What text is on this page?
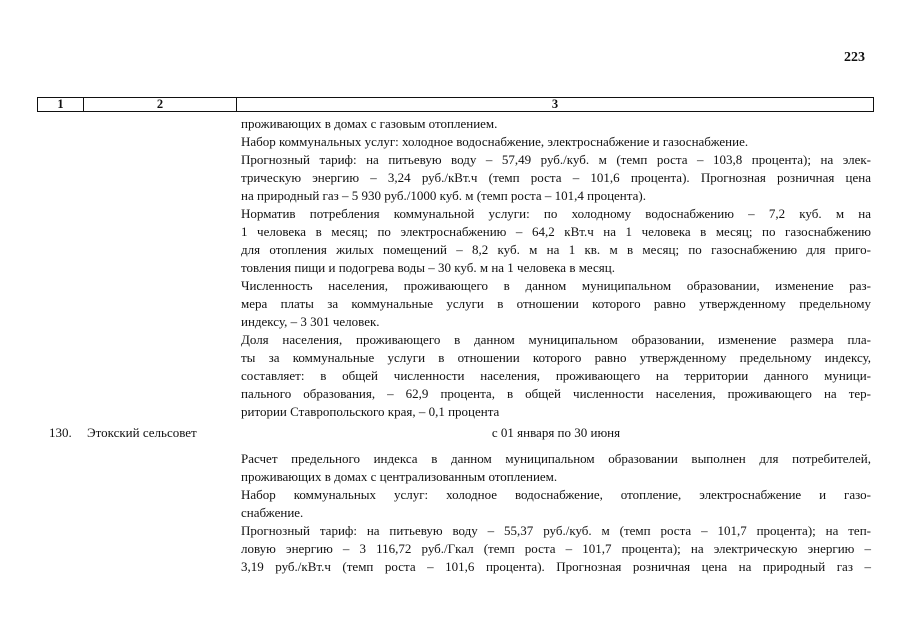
223
1	2	3
проживающих в домах с газовым отоплением.
Набор коммунальных услуг: холодное водоснабжение, электроснабжение и газоснабжение.
Прогнозный тариф: на питьевую воду – 57,49 руб./куб. м (темп роста – 103,8 процента); на элек-
трическую энергию – 3,24 руб./кВт.ч (темп роста – 101,6 процента). Прогнозная розничная цена
на природный газ – 5 930 руб./1000 куб. м (темп роста – 101,4 процента).
Норматив потребления коммунальной услуги: по холодному водоснабжению – 7,2 куб. м на
1 человека в месяц; по электроснабжению – 64,2 кВт.ч на 1 человека в месяц; по газоснабжению
для отопления жилых помещений – 8,2 куб. м на 1 кв. м в месяц; по газоснабжению для приго-
товления пищи и подогрева воды – 30 куб. м на 1 человека в месяц.
Численность населения, проживающего в данном муниципальном образовании, изменение раз-
мера платы за коммунальные услуги в отношении которого равно утвержденному предельному
индексу, – 3 301 человек.
Доля населения, проживающего в данном муниципальном образовании, изменение размера пла-
ты за коммунальные услуги в отношении которого равно утвержденному предельному индексу,
составляет: в общей численности населения, проживающего на территории данного муници-
пального образования, – 62,9 процента, в общей численности населения, проживающего на тер-
ритории Ставропольского края, – 0,1 процента
130. Этокский сельсовет	с 01 января по 30 июня
Расчет предельного индекса в данном муниципальном образовании выполнен для потребителей,
проживающих в домах с централизованным отоплением.
Набор коммунальных услуг: холодное водоснабжение, отопление, электроснабжение и газо-
снабжение.
Прогнозный тариф: на питьевую воду – 55,37 руб./куб. м (темп роста – 101,7 процента); на теп-
ловую энергию – 3 116,72 руб./Гкал (темп роста – 101,7 процента); на электрическую энергию –
3,19 руб./кВт.ч (темп роста – 101,6 процента). Прогнозная розничная цена на природный газ –
